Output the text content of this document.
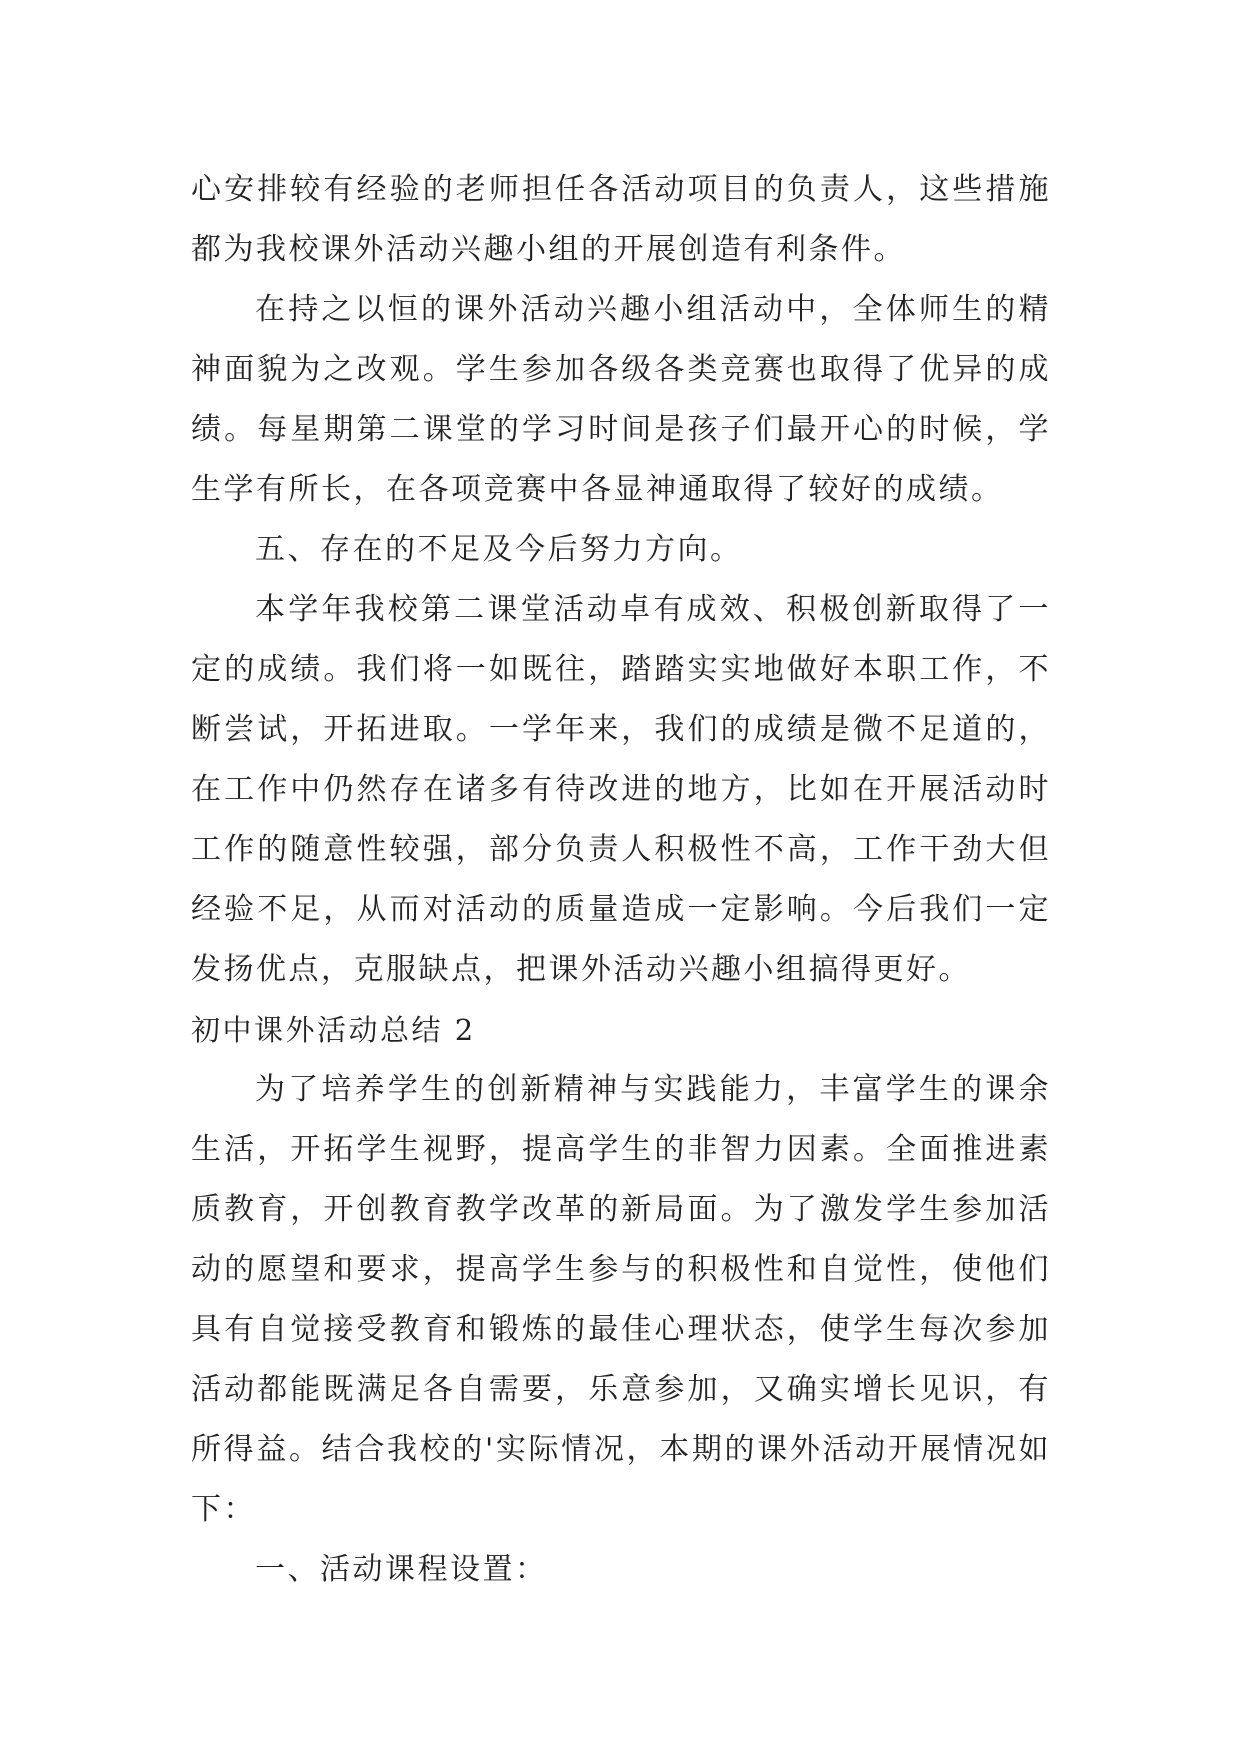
心安排较有经验的老师担任各活动项目的负责人，这些措施都为我校课外活动兴趣小组的开展创造有利条件。

在持之以恒的课外活动兴趣小组活动中，全体师生的精神面貌为之改观。学生参加各级各类竞赛也取得了优异的成绩。每星期第二课堂的学习时间是孩子们最开心的时候，学生学有所长，在各项竞赛中各显神通取得了较好的成绩。

五、存在的不足及今后努力方向。

本学年我校第二课堂活动卓有成效、积极创新取得了一定的成绩。我们将一如既往，踏踏实实地做好本职工作，不断尝试，开拓进取。一学年来，我们的成绩是微不足道的，在工作中仍然存在诸多有待改进的地方，比如在开展活动时工作的随意性较强，部分负责人积极性不高，工作干劲大但经验不足，从而对活动的质量造成一定影响。今后我们一定发扬优点，克服缺点，把课外活动兴趣小组搞得更好。

初中课外活动总结 2

为了培养学生的创新精神与实践能力，丰富学生的课余生活，开拓学生视野，提高学生的非智力因素。全面推进素质教育，开创教育教学改革的新局面。为了激发学生参加活动的愿望和要求，提高学生参与的积极性和自觉性，使他们具有自觉接受教育和锻炼的最佳心理状态，使学生每次参加活动都能既满足各自需要，乐意参加，又确实增长见识，有所得益。结合我校的'实际情况，本期的课外活动开展情况如下：

一、活动课程设置：
